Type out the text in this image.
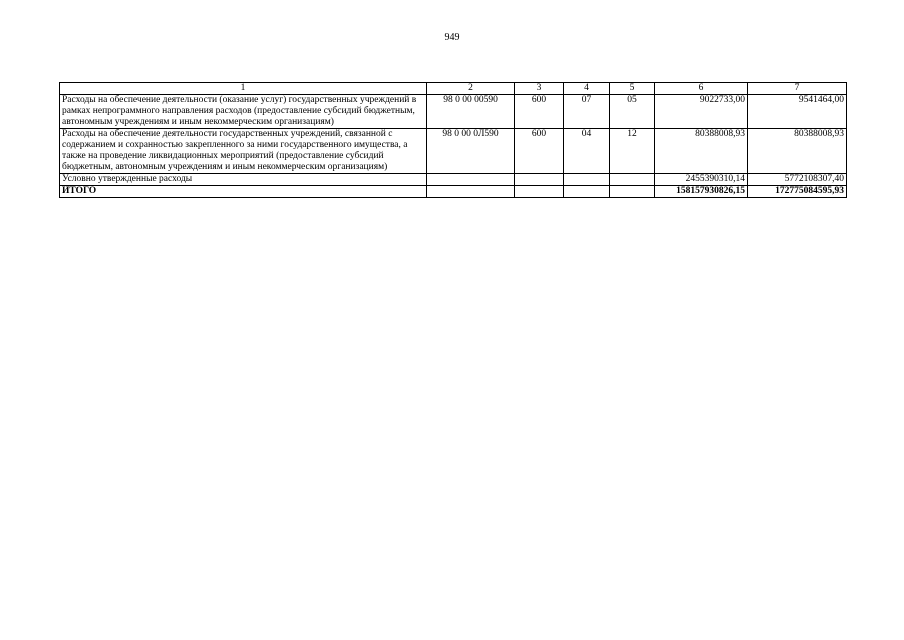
949
1	2	3	4	5	6	7
Расходы на обеспечение деятельности (оказание услуг) государственных учреждений в рамках непрограммного направления расходов (предоставление субсидий бюджетным, автономным учреждениям и иным некоммерческим организациям)	98 0 00 00590	600	07	05	9022733,00	9541464,00
Расходы на обеспечение деятельности государственных учреждений, связанной с содержанием и сохранностью закрепленного за ними государственного имущества, а также на проведение ликвидационных мероприятий (предоставление субсидий бюджетным, автономным учреждениям и иным некоммерческим организациям)	98 0 00 0Л590	600	04	12	80388008,93	80388008,93
Условно утвержденные расходы					2455390310,14	5772108307,40
ИТОГО					158157930826,15	172775084595,93
